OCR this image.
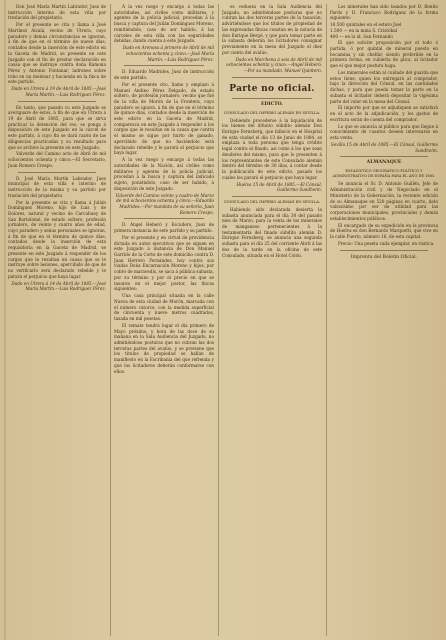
Don José María Martín Labrador, Juez de instrucción interino de esta villa por treslación del propietario.

Por el presente se cita y llama á José Martínez Alcalá, vecino de Utrera, cuyo paradero y demás circunstancias se ignoran, á fin de que en el término de nueve días, contados desde la inserción de este edicto en la Gaceta de Madrid, se presente en este Juzgado con el fin de prestar declaración en causa que se instruye contra doña Ramona Pérez y Antonio Fontanar, ladrones sobre robo en un melonar y hacienda en la finca de este partido.

Dado en Utrera á 19 de Abril de 1885.—José María Martín.—Luis Rodríguez Pérez.

En tanto, que pasado cu este Juzgado se averiguare de estos, á fin de que en Utrera á 19 de Abril de 1885, para que se sirva practicar la detención del reo, se ponga á disposición de este Juzgado en la cárcel de este partido, á cuyo fin se dará razón de las diligencias practicadas y su resultado para que se archive la presente en este Juzgado.

Valverde del Camino acto de Abril de mil ochocientos ochenta y cinco.—El Secretario, Juan Romero Crespo.

D. José María Martín Labrador, Juez municipal de esta villa é interino de instrucción de la misma y su partido por traslación del propietario.

Por la presente se cita y llama á Julián Domínguez Moreno, hijo de Luis y de Dolores, natural y vecino de Carcabuey de San Bartolomé, de estado soltero, profesión jornalero, de veinte y cuatro años de edad, cuyo paradero y señas personales se ignoran, á fin de que en el término de quince días, contados desde la inserción de esta requisitoria en la Gaceta de Madrid, se presente en este Juzgado á responder de los cargos que le resultan en causa que se le instruye sobre lesiones, apercibido de que de no verificarlo será declarado rebelde y le parará el perjuicio que haya lugar.

Dado en Utrera á 14 de Abril de 1885.—José María Martín.—Luis Rodríguez Pérez.

Á la vez ruego y encargo á todas las autoridades, así civiles como militares, y agentes de la policía judicial, procedan á la busca y captura del Julián Domínguez Moreno, remitiéndolo, caso de ser habido, á las cárceles de esta villa con las seguridades debidas, dando cuenta á este Juzgado.

Dado en Arenosa á primero de Abril de mil ochocientos ochenta y cinco.—José María Martín.—Luis Rodríguez Pérez.

D. Eduardo Madrides, Juez de instrucción de este partido.

Por el presente cito, llamo y emplazo á Manuel Andino Pérez Delgado, de estado soltero, de profesión jornalero, vecino que fué de la villa de Morón de la Frontera, cuyo paradero se ignora, á fin de que en el término de quince días, contados desde la inserción de este edicto en la Gaceta de Madrid, comparezca en este Juzgado á responder á los cargos que le resultan en la causa que contra el mismo se sigue por hurto de ganado, apercibido de que no haciéndolo será declarado rebelde y le parará el perjuicio que haya lugar.

Á la vez ruego y encargo á todas las autoridades de la Nación, así civiles como militares y agentes de la policía judicial, procedan á la busca y captura del indicado sujeto, poniéndolo, caso de ser habido, á disposición de este Juzgado.

Valverde del Camino veinte y cuatro de Marzo de mil ochocientos ochenta y cinco.—Eduardo Madrides.—Por mandato de su señoría, Juan Romero Crespo.

D. Ángel Heberó y Escudero, Juez de primera instancia de este partido y su partido.

Por el presente y en virtud de providencia dictada en autos ejecutivos que se siguen en este Juzgado á instancia de Don Manuel Garrido de la Corte de este domicilio contra D. Juan Herrero Fernández, hoy contra sus viudas Doña Encarnación Moreno y hijos, por cobro de maravedís, se saca á pública subasta, por su término y por el precio en que se tasaron en el mejor postor, las fincas siguientes:

Una casa principal situada en la calle Nueva de esta ciudad de Morón, marcada con el número catorce, con la medida superficial de cincuenta y nueve metros cuadrados, tasada en mil pesetas.

El remate tendrá lugar el día primero de Mayo próximo, y hora de las doce de su mañana en la Sala Audiencia del Juzgado, no admitiéndose posturas que no cubran las dos terceras partes del avalúo, y se previene que los títulos de propiedad se hallan de manifiesto en la Escribanía del que refrenda y que los licitadores deberán conformarse con ellos.

es cedueza en la Sala Audiencia del Juzgado, no admitiéndose posturas que no cubran las dos terceras partes de la tasación; advirtiéndose que los títulos de propiedad de las expresadas fincas constan en la notaría de don Enrique Bergé, y que para tomar parte en la subasta deberán los licitadores consignar previamente en la mesa del Juzgado el diez por ciento del avalúo.

Dado en Marchena á seis de Abril de mil ochocientos ochenta y cinco.—Ángel Heberó.—Por su mandado, Manuel Quintero.

Parte no oficial.
EDICTO.
CONSULADO DEL IMPERIO ALEMÁN EN SEVILLA.

Debiendo procederse á la liquidación de los bienes del difunto súbdito alemán Don Enrique Fernsberg, que falleció en el Hospital de esta ciudad el día 13 de Junio de 1884, se emplaza á toda persona que tenga crédito legal contra el finado, así como á los que sean deudores del mismo, para que lo presenten á los representantes de este Consulado alemán dentro del término de 30 días, á contar desde la publicación de este edicto, pasado los cuales les parará el perjuicio que haya lugar.

Huelva 15 de Abril de 1885.—El Cónsul, Guillermo Sundheim.

CONSULADO DEL IMPERIO ALEMÁN EN SEVILLA.

Habiendo sido declarada desierta la subasta anunciada para el día 30 del pasado mes de Marzo, para la venta de los minerales de manganeso pertenecientes á la testamentaría del finado súbdito alemán D. Enrique Fernsberg, se anuncia una segunda subasta para el día 25 del corriente Abril á las dos de la tarde en la oficina de este Consulado, situada en el Hotel Colón.

Los minerales han sido tasados por D. Benito Pardo y D. Francisco Rodríguez de la forma siguiente:

18.500 quintales en el estero Juel
1.500 — en la mina S. Cristóbal
400 — en la id. San Fernando

El que solicite proposición por el todo ó partida, ó por quintal de mineral puesto en bocamina y sin chelfar, siendo preferible en la primera forma, en cubierta de plica, al licitador que el que mejor postura haga.

Los minerales están al cuidado del guarda que estos tiene, quien los entregará al comprador, bajo la dirección del Cónsul, en las cantidades dichas, y para que pueda tomar la parte en la subasta el licitador deberá depositar la vigésima parte del valor en la mesa del Cónsul.

El importe por que se adjudiquen se satisfará en el acto de la adjudicación, y los gastos de escritura serán de cuenta del comprador.

Lo que se anuncia al público para que llegue á conocimiento de cuantos deseen interesarse en esta venta.

Sevilla 15 de Abril de 1885.—El Cónsul, Guillermo Sundheim.

ALMANAQUE
ESTADÍSTICO GEOGRÁFICO-POLÍTICO Y ADMINISTRATIVO DE ESPAÑA PARA EL AÑO DE 1885.

Se anuncia el Sr. D. Antonio Guillén, Jefe de Administración civil y de Negociado en el Ministerio de la Gobernación, la reciente edición de su Almanaque en 520 páginas en cuarto, dato valiosísimo por ser de utilidad para las corporaciones municipales, provinciales y demás establecimientos públicos.

El encargado de su expedición en la provincia de Huelva es don Bernardo Marquetti, que vive en la calle Puerto, número 16, de esta capital.

Precio: Una peseta cada ejemplar, en rústica.

Imprenta del Boletín Oficial.
